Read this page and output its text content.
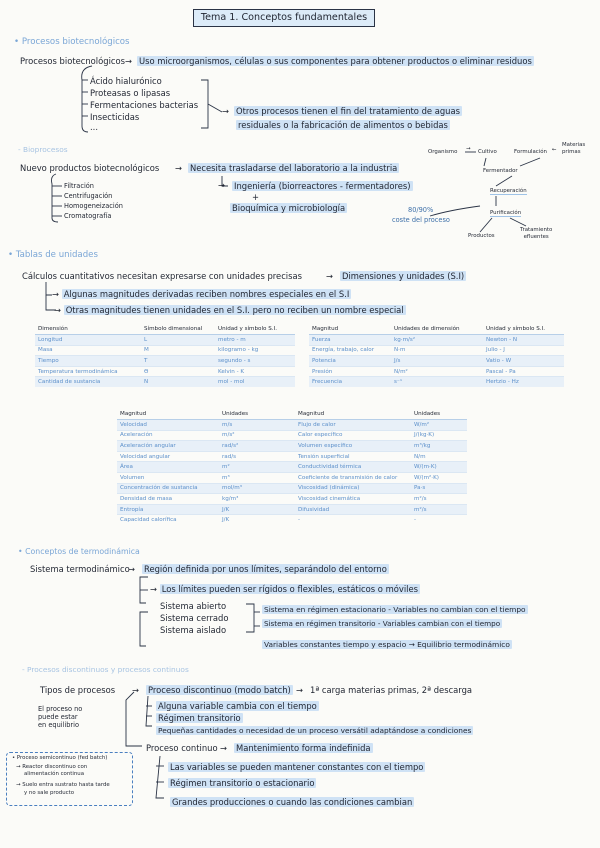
Tema 1. Conceptos fundamentales
• Procesos biotecnológicos
Procesos biotecnológicos → Uso microorganismos, células o sus componentes para obtener productos o eliminar residuos
Ácido hialurónico
Proteasas o lipasas
Fermentaciones bacterias
Insecticidas
...
→ Otros procesos tienen el fin del tratamiento de aguas
residuales o la fabricación de alimentos o bebidas
- Bioprocesos
Nuevo productos biotecnológicos → Necesita trasladarse del laboratorio a la industria
Filtración
Centrifugación
Homogeneización
Cromatografía
→ Ingeniería (biorreactores - fermentadores)
+
Bioquímica y microbiología
Organismo → Cultivo	Formulación ←
Materias
primas
Fermentador
Recuperación
Purificación
Productos
Tratamiento
efluentes
80/90%
coste del proceso
• Tablas de unidades
Cálculos cuantitativos necesitan expresarse con unidades precisas	→ Dimensiones y unidades (S.I)
→ Algunas magnitudes derivadas reciben nombres especiales en el S.I
→ Otras magnitudes tienen unidades en el S.I. pero no reciben un nombre especial
Dimensión	Símbolo dimensional	Unidad y símbolo S.I.
Longitud	L	metro - m
Masa	M	kilogramo - kg
Tiempo	T	segundo - s
Temperatura termodinámica	Θ	Kelvin - K
Cantidad de sustancia	N	mol - mol
Magnitud	Unidades de dimensión	Unidad y símbolo S.I.
Fuerza	kg·m/s²	Newton - N
Energía, trabajo, calor	N·m	Julio - J
Potencia	J/s	Vatio - W
Presión	N/m²	Pascal - Pa
Frecuencia	s⁻¹	Hertzio - Hz
Magnitud	Unidades	Magnitud	Unidades
Velocidad	m/s	Flujo de calor	W/m²
Aceleración	m/s²	Calor específico	J/(kg·K)
Aceleración angular	rad/s²	Volumen específico	m³/kg
Velocidad angular	rad/s	Tensión superficial	N/m
Área	m²	Conductividad térmica	W/(m·K)
Volumen	m³	Coeficiente de transmisión de calor	W/(m²·K)
Concentración de sustancia	mol/m³	Viscosidad (dinámica)	Pa·s
Densidad de masa	kg/m³	Viscosidad cinemática	m²/s
Entropía	J/K	Difusividad	m²/s
Capacidad calorífica	J/K	-	-
• Conceptos de termodinámica
Sistema termodinámico
→ Región definida por unos límites, separándolo del entorno
→ Los límites pueden ser rígidos o flexibles, estáticos o móviles
Sistema abierto
Sistema cerrado
Sistema aislado
Sistema en régimen estacionario - Variables no cambian con el tiempo
Sistema en régimen transitorio - Variables cambian con el tiempo
Variables constantes tiempo y espacio → Equilibrio termodinámico
- Procesos discontinuos y procesos continuos
Tipos de procesos → Proceso discontinuo (modo batch) → 1ª carga materias primas, 2ª descarga
El proceso no
puede estar
en equilibrio
Alguna variable cambia con el tiempo
Régimen transitorio
Pequeñas cantidades o necesidad de un proceso versátil adaptándose a condiciones
Proceso continuo → Mantenimiento forma indefinida
Las variables se pueden mantener constantes con el tiempo
Régimen transitorio o estacionario
Grandes producciones o cuando las condiciones cambian
• Proceso semicontinuo (fed batch)
→ Reactor discontinuo con
alimentación continua
→ Suelo entra sustrato hasta tarde
y no sale producto
